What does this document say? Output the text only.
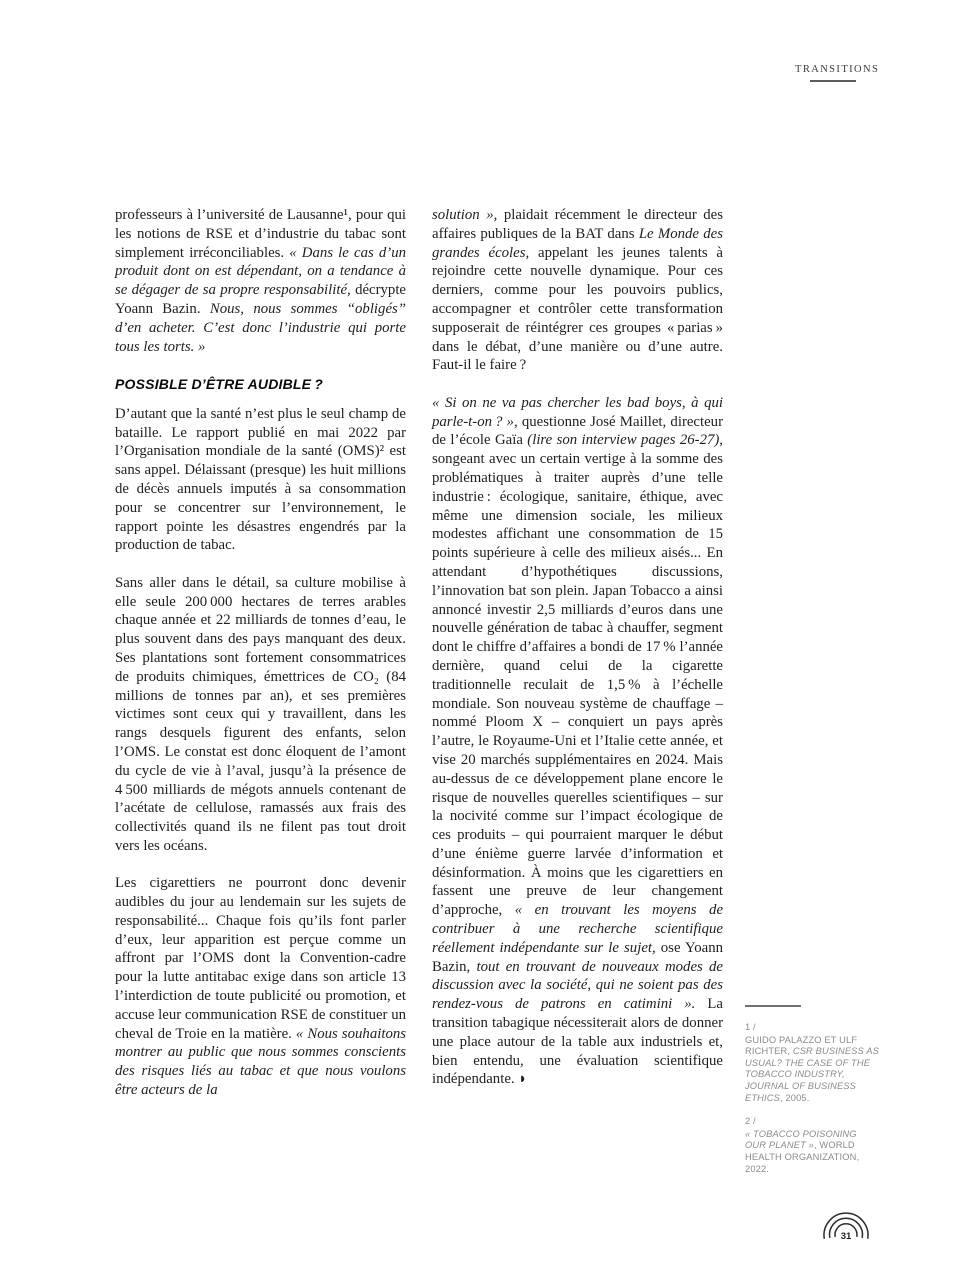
TRANSITIONS

professeurs à l’université de Lausanne¹, pour qui les notions de RSE et d’industrie du tabac sont simplement irréconciliables. « Dans le cas d’un produit dont on est dépendant, on a tendance à se dégager de sa propre responsabilité, décrypte Yoann Bazin. Nous, nous sommes “obligés” d’en acheter. C’est donc l’industrie qui porte tous les torts. »

POSSIBLE D’ÊTRE AUDIBLE ?

D’autant que la santé n’est plus le seul champ de bataille. Le rapport publié en mai 2022 par l’Organisation mondiale de la santé (OMS)² est sans appel. Délaissant (presque) les huit millions de décès annuels imputés à sa consommation pour se concentrer sur l’environnement, le rapport pointe les désastres engendrés par la production de tabac.

Sans aller dans le détail, sa culture mobilise à elle seule 200 000 hectares de terres arables chaque année et 22 milliards de tonnes d’eau, le plus souvent dans des pays manquant des deux. Ses plantations sont fortement consommatrices de produits chimiques, émettrices de CO₂ (84 millions de tonnes par an), et ses premières victimes sont ceux qui y travaillent, dans les rangs desquels figurent des enfants, selon l’OMS. Le constat est donc éloquent de l’amont du cycle de vie à l’aval, jusqu’à la présence de 4 500 milliards de mégots annuels contenant de l’acétate de cellulose, ramassés aux frais des collectivités quand ils ne filent pas tout droit vers les océans.

Les cigarettiers ne pourront donc devenir audibles du jour au lendemain sur les sujets de responsabilité... Chaque fois qu’ils font parler d’eux, leur apparition est perçue comme un affront par l’OMS dont la Convention-cadre pour la lutte antitabac exige dans son article 13 l’interdiction de toute publicité ou promotion, et accuse leur communication RSE de constituer un cheval de Troie en la matière. « Nous souhaitons montrer au public que nous sommes conscients des risques liés au tabac et que nous voulons être acteurs de la

solution », plaidait récemment le directeur des affaires publiques de la BAT dans Le Monde des grandes écoles, appelant les jeunes talents à rejoindre cette nouvelle dynamique. Pour ces derniers, comme pour les pouvoirs publics, accompagner et contrôler cette transformation supposerait de réintégrer ces groupes « parias » dans le débat, d’une manière ou d’une autre. Faut-il le faire ?

« Si on ne va pas chercher les bad boys, à qui parle-t-on ? », questionne José Maillet, directeur de l’école Gaïa (lire son interview pages 26-27), songeant avec un certain vertige à la somme des problématiques à traiter auprès d’une telle industrie : écologique, sanitaire, éthique, avec même une dimension sociale, les milieux modestes affichant une consommation de 15 points supérieure à celle des milieux aisés... En attendant d’hypothétiques discussions, l’innovation bat son plein. Japan Tobacco a ainsi annoncé investir 2,5 milliards d’euros dans une nouvelle génération de tabac à chauffer, segment dont le chiffre d’affaires a bondi de 17 % l’année dernière, quand celui de la cigarette traditionnelle reculait de 1,5 % à l’échelle mondiale. Son nouveau système de chauffage – nommé Ploom X – conquiert un pays après l’autre, le Royaume-Uni et l’Italie cette année, et vise 20 marchés supplémentaires en 2024. Mais au-dessus de ce développement plane encore le risque de nouvelles querelles scientifiques – sur la nocivité comme sur l’impact écologique de ces produits – qui pourraient marquer le début d’une énième guerre larvée d’information et désinformation. À moins que les cigarettiers en fassent une preuve de leur changement d’approche, « en trouvant les moyens de contribuer à une recherche scientifique réellement indépendante sur le sujet, ose Yoann Bazin, tout en trouvant de nouveaux modes de discussion avec la société, qui ne soient pas des rendez-vous de patrons en catimini ». La transition tabagique nécessiterait alors de donner une place autour de la table aux industriels et, bien entendu, une évaluation scientifique indépendante. ◗

1 /
GUIDO PALAZZO ET ULF RICHTER, CSR BUSINESS AS USUAL? THE CASE OF THE TOBACCO INDUSTRY, JOURNAL OF BUSINESS ETHICS, 2005.
2 /
« TOBACCO POISONING OUR PLANET », WORLD HEALTH ORGANIZATION, 2022.
31
